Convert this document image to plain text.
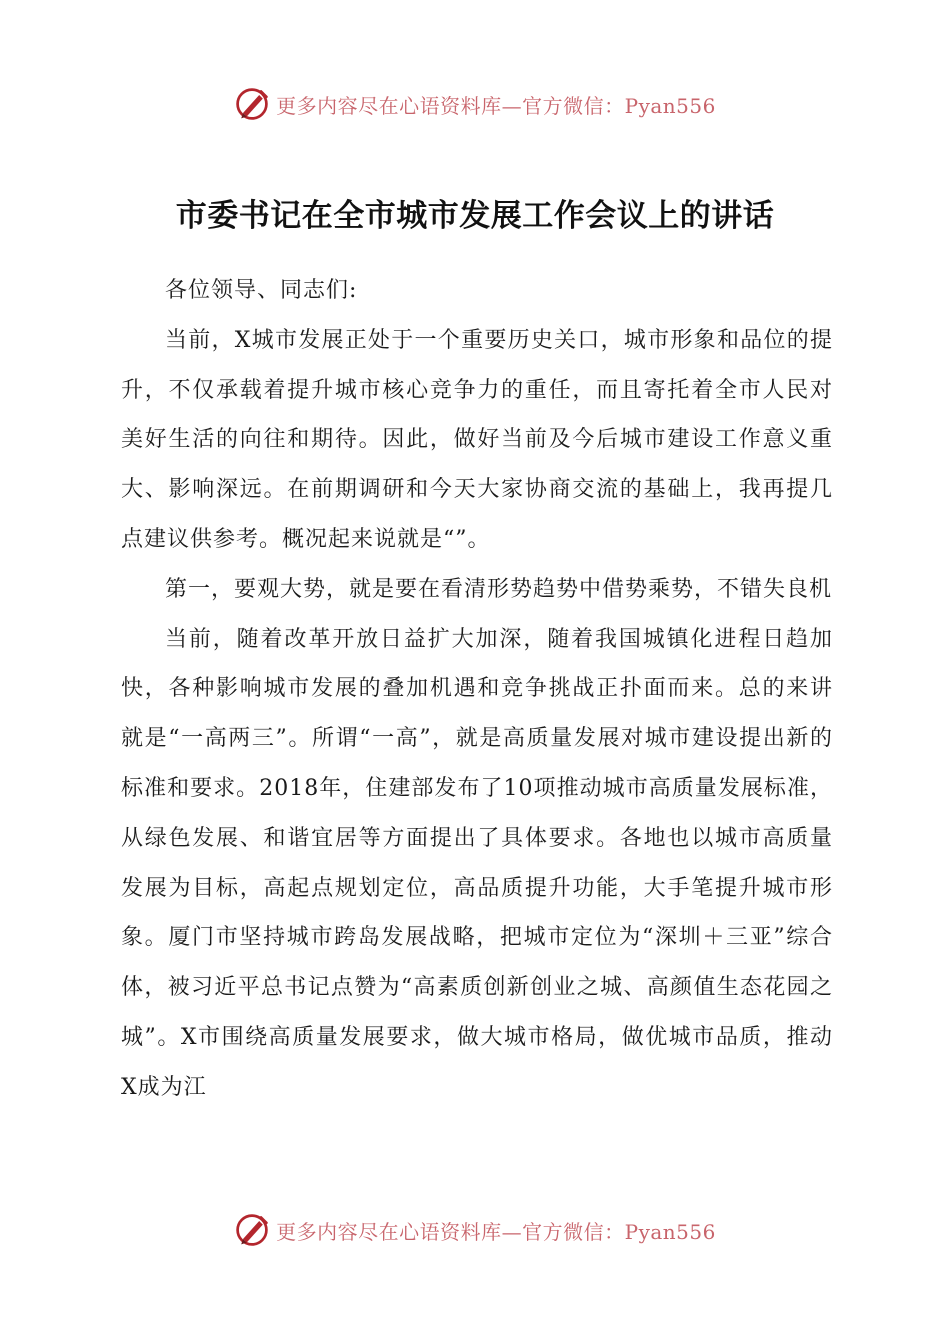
更多内容尽在心语资料库—官方微信：Pyan556
市委书记在全市城市发展工作会议上的讲话

各位领导、同志们:

当前，X城市发展正处于一个重要历史关口，城市形象和品位的提升，不仅承载着提升城市核心竞争力的重任，而且寄托着全市人民对美好生活的向往和期待。因此，做好当前及今后城市建设工作意义重大、影响深远。在前期调研和今天大家协商交流的基础上，我再提几点建议供参考。概况起来说就是“”。

第一，要观大势，就是要在看清形势趋势中借势乘势，不错失良机

当前，随着改革开放日益扩大加深，随着我国城镇化进程日趋加快，各种影响城市发展的叠加机遇和竞争挑战正扑面而来。总的来讲就是“一高两三”。所谓“一高”，就是高质量发展对城市建设提出新的标准和要求。2018年，住建部发布了10项推动城市高质量发展标准，从绿色发展、和谐宜居等方面提出了具体要求。各地也以城市高质量发展为目标，高起点规划定位，高品质提升功能，大手笔提升城市形象。厦门市坚持城市跨岛发展战略，把城市定位为“深圳＋三亚”综合体，被习近平总书记点赞为“高素质创新创业之城、高颜值生态花园之城”。X市围绕高质量发展要求，做大城市格局，做优城市品质，推动X成为江

更多内容尽在心语资料库—官方微信：Pyan556
